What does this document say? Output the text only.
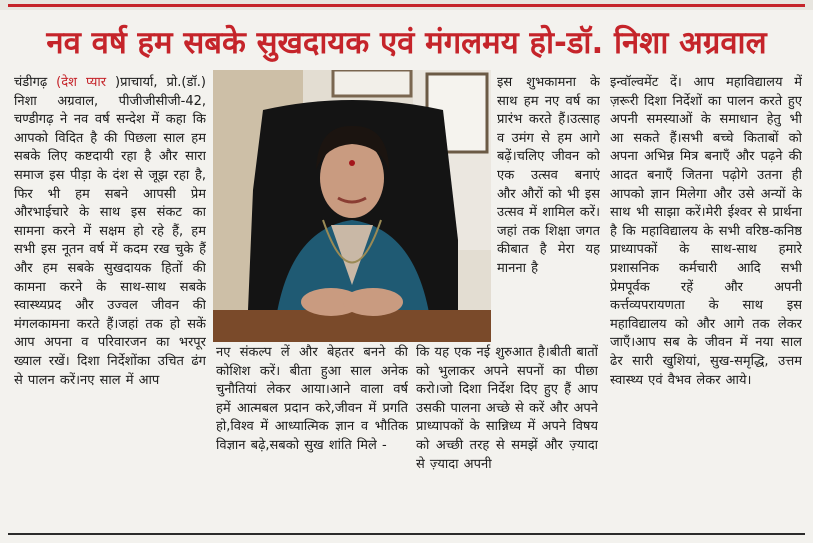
नव वर्ष हम सबके सुखदायक एवं मंगलमय हो-डॉ. निशा अग्रवाल
चंडीगढ़ (देश प्यार )प्राचार्या, प्रो.(डॉ.) निशा अग्रवाल, पीजीजीसीजी-42, चण्डीगढ़ ने नव वर्ष सन्देश में कहा कि आपको विदित है की पिछला साल हम सबके लिए कष्टदायी रहा है और सारा समाज इस पीड़ा के दंश से जूझ रहा है, फिर भी हम सबने आपसी प्रेम औरभाईचारे के साथ इस संकट का सामना करने में सक्षम हो रहे हैं, हम सभी इस नूतन वर्ष में कदम रख चुके हैं और हम सबके सुखदायक हितों की कामना करने के साथ-साथ सबके स्वास्थ्यप्रद और उज्वल जीवन की मंगलकामना करते हैं।जहां तक हो सकें आप अपना व परिवारजन का भरपूर ख्याल रखें। दिशा निर्देशोंका उचित ढंग से पालन करें।नए साल में आप
इस शुभकामना के साथ हम नए वर्ष का प्रारंभ करते हैं।उत्साह व उमंग से हम आगे बढ़ें।चलिए जीवन को एक उत्सव बनाएं और औरों को भी इस उत्सव में शामिल करें। जहां तक शिक्षा जगत कीबात है मेरा यह मानना है
नए संकल्प लें और बेहतर बनने की कोशिश करें। बीता हुआ साल अनेक चुनौतियां लेकर आया।आने वाला वर्ष हमें आत्मबल प्रदान करे,जीवन में प्रगति हो,विश्व में आध्यात्मिक ज्ञान व भौतिक विज्ञान बढ़े,सबको सुख शांति मिले -
कि यह एक नई शुरुआत है।बीती बातों को भुलाकर अपने सपनों का पीछा करो।जो दिशा निर्देश दिए हुए हैं आप उसकी पालना अच्छे से करें और अपने प्राध्यापकों के सान्निध्य में अपने विषय को अच्छी तरह से समझें और ज़्यादा से ज़्यादा अपनी
इन्वॉल्वमेंट दें। आप महाविद्यालय में ज़रूरी दिशा निर्देशों का पालन करते हुए अपनी समस्याओं के समाधान हेतु भी आ सकते हैं।सभी बच्चे किताबों को अपना अभिन्न मित्र बनाएँ और पढ़ने की आदत बनाएँ जितना पढ़ोगे उतना ही आपको ज्ञान मिलेगा और उसे अन्यों के साथ भी साझा करें।मेरी ईश्वर से प्रार्थना है कि महाविद्यालय के सभी वरिष्ठ-कनिष्ठ प्राध्यापकों के साथ-साथ हमारे प्रशासनिक कर्मचारी आदि सभी प्रेमपूर्वक रहें और अपनी कर्त्तव्यपरायणता के साथ इस महाविद्यालय को और आगे तक लेकर जाएँ।आप सब के जीवन में नया साल ढेर सारी खुशियां, सुख-समृद्धि, उत्तम स्वास्थ्य एवं वैभव लेकर आये।
